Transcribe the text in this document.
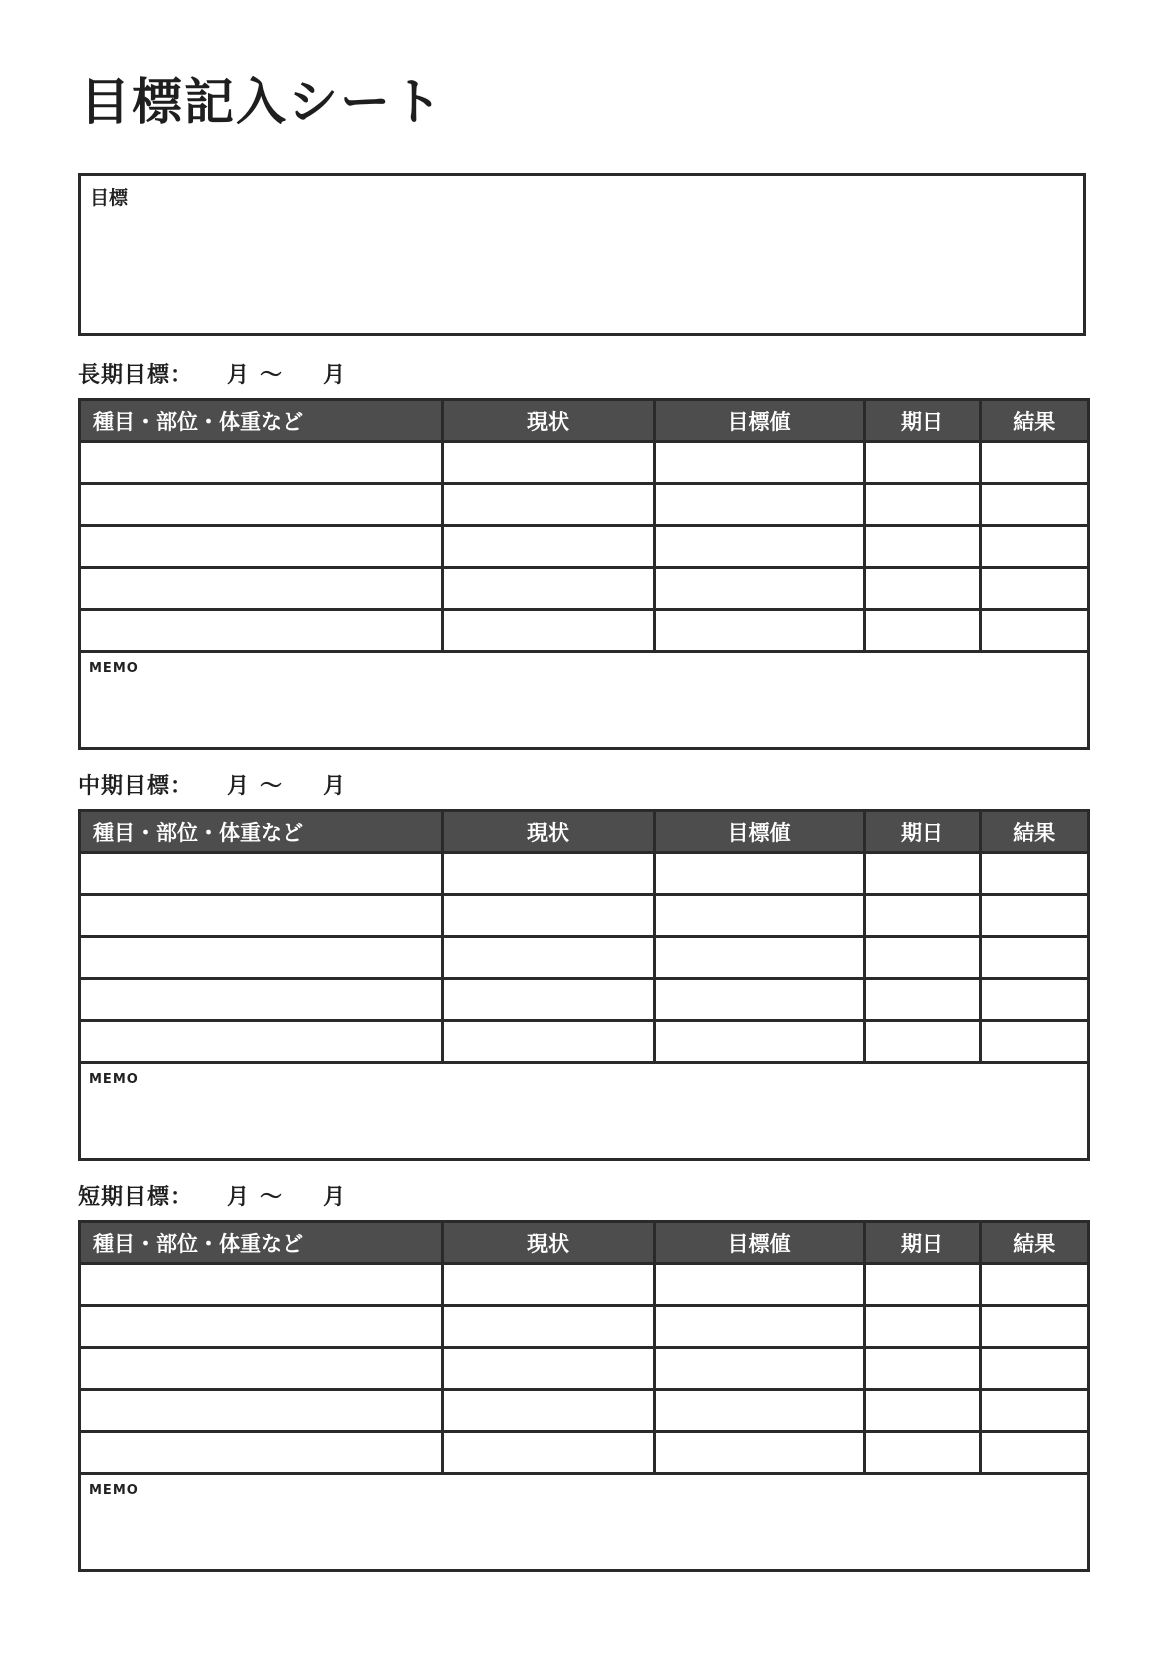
目標記入シート
目標
長期目標 ： 月 ～ 月
種目・部位・体重など	現状	目標値	期日	結果

MEMO
中期目標 ： 月 ～ 月
種目・部位・体重など	現状	目標値	期日	結果

MEMO
短期目標 ： 月 ～ 月
種目・部位・体重など	現状	目標値	期日	結果

MEMO
